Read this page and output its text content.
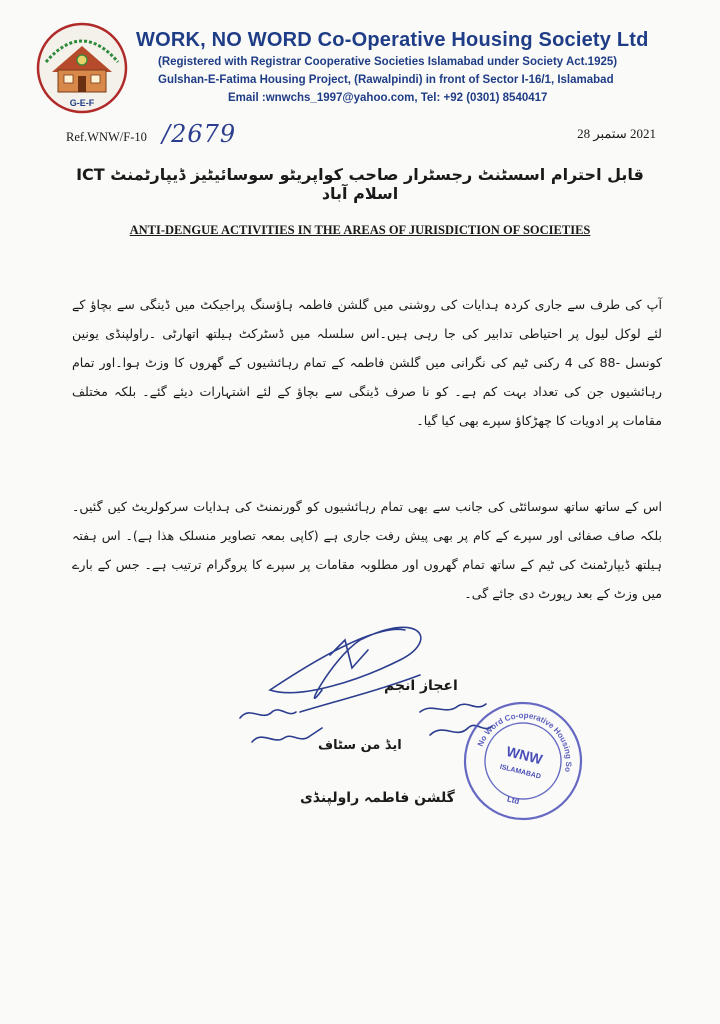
G-E-F
WORK, NO WORD Co-Operative Housing Society Ltd
(Registered with Registrar Cooperative Societies Islamabad under Society Act.1925)
Gulshan-E-Fatima Housing Project, (Rawalpindi) in front of Sector I-16/1, Islamabad
Email :wnwchs_1997@yahoo.com, Tel: +92 (0301) 8540417
Ref.WNW/F-10 /2679	2021 ستمبر 28
قابل احترام اسسٹنٹ رجسٹرار صاحب کواپریٹو سوسائیٹیز ڈیپارٹمنٹ ICT اسلام آباد
ANTI-DENGUE ACTIVITIES IN THE AREAS OF JURISDICTION OF SOCIETIES
آپ کی طرف سے جاری کردہ ہدایات کی روشنی میں گلشن فاطمہ ہاؤسنگ پراجیکٹ میں ڈینگی سے بچاؤ کے لئے لوکل لیول پر احتیاطی تدابیر کی جا رہی ہیں۔اس سلسلہ میں ڈسٹرکٹ ہیلتھ اتھارٹی ۔راولپنڈی یونین کونسل -88 کی 4 رکنی ٹیم کی نگرانی میں گلشن فاطمہ کے تمام رہائشیوں کے گھروں کا وزٹ ہوا۔اور تمام رہائشیوں جن کی تعداد بہت کم ہے۔ کو نا صرف ڈینگی سے بچاؤ کے لئے اشتہارات دیئے گئے۔ بلکہ مختلف مقامات پر ادویات کا چھڑکاؤ سپرے بھی کیا گیا۔
اس کے ساتھ ساتھ سوسائٹی کی جانب سے بھی تمام رہائشیوں کو گورنمنٹ کی ہدایات سرکولریٹ کیں گئیں۔ بلکہ صاف صفائی اور سپرے کے کام پر بھی پیش رفت جاری ہے (کاپی بمعہ تصاویر منسلک ھذا ہے)۔ اس ہفتہ ہیلتھ ڈیپارٹمنٹ کی ٹیم کے ساتھ تمام گھروں اور مطلوبہ مقامات پر سپرے کا پروگرام ترتیب ہے۔ جس کے بارے میں وزٹ کے بعد رپورٹ دی جائے گی۔
اعجاز انجم
ایڈ من سٹاف
گلشن فاطمہ راولپنڈی
No Word Co-operative Housing Society
WNW
ISLAMABAD
Ltd
